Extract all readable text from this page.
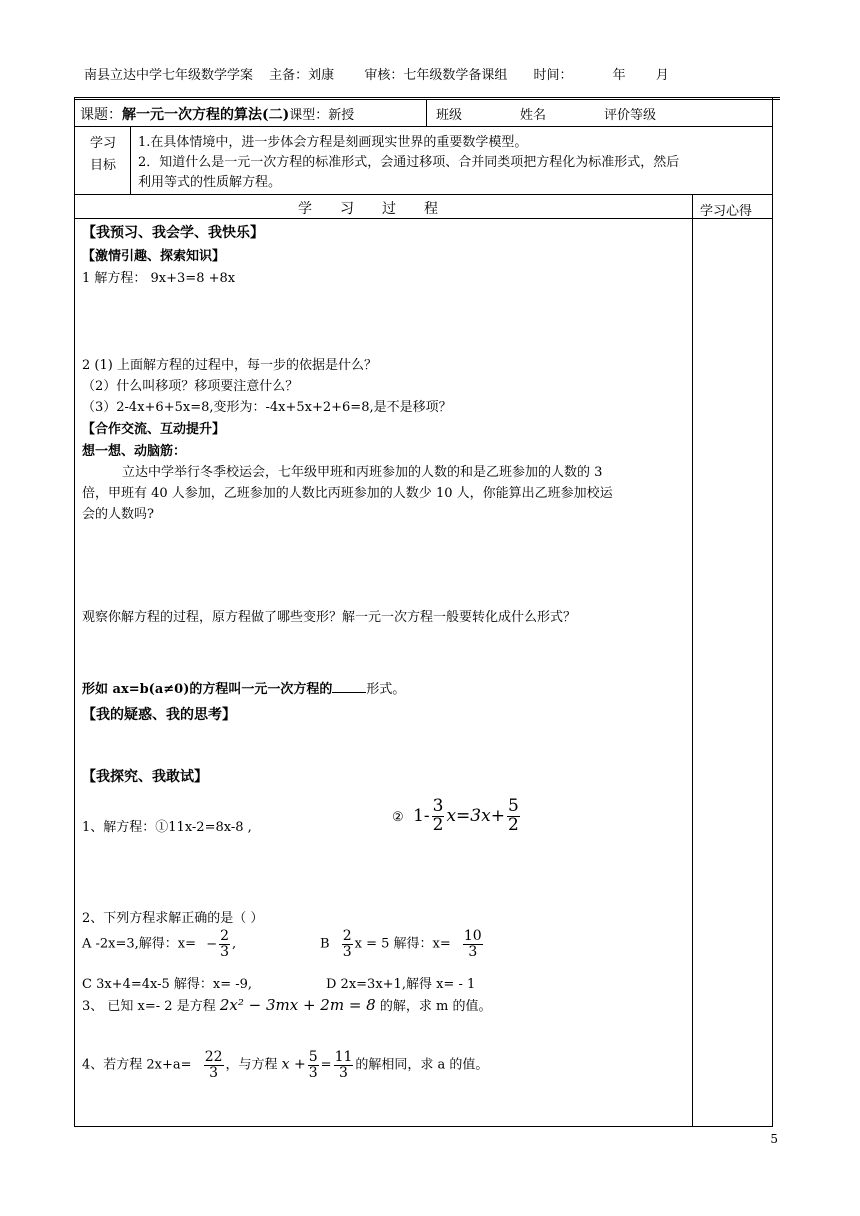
南县立达中学七年级数学学案 主备：刘康 审核：七年级数学备课组 时间：	年 月
课题：解一元一次方程的算法(二)课型：新授	班级	姓名	评价等级
学习
目标
1.在具体情境中，进一步体会方程是刻画现实世界的重要数学模型。
2．知道什么是一元一次方程的标准形式，会通过移项、合并同类项把方程化为标准形式，然后
利用等式的性质解方程。
学　　习　　过　　程	学习心得
【我预习、我会学、我快乐】
【激情引趣、探索知识】
1 解方程： 9x+3=8 +8x
2 (1) 上面解方程的过程中，每一步的依据是什么？
（2）什么叫移项？移项要注意什么？
（3）2-4x+6+5x=8,变形为：-4x+5x+2+6=8,是不是移项？
【合作交流、互动提升】
想一想、动脑筋：
立达中学举行冬季校运会，七年级甲班和丙班参加的人数的和是乙班参加的人数的 3
倍，甲班有 40 人参加，乙班参加的人数比丙班参加的人数少 10 人，你能算出乙班参加校运
会的人数吗?
观察你解方程的过程，原方程做了哪些变形？解一元一次方程一般要转化成什么形式？
形如 ax=b(a≠0)的方程叫一元一次方程的	形式。
【我的疑惑、我的思考】
【我探究、我敢试】
1、解方程：①11x-2=8x-8 ,
② $1- \frac{3}{2} x=3x+ \frac{5}{2}$
2、下列方程求解正确的是（ ）
A -2x=3,解得：$x= - \frac{2}{3}$ ,	B $\frac{2}{3}$ x = 5 解得：$x= \frac{10}{3}$
C 3x+4=4x-5 解得：x= -9,	D 2x=3x+1,解得 x= - 1
3、 已知 x=- 2 是方程 2x² − 3mx + 2m = 8 的解，求 m 的值。
4、若方程 $2x+a= \frac{22}{3}$ ，与方程 $x + \frac{5}{3} = \frac{11}{3}$ 的解相同，求 a 的值。
5
